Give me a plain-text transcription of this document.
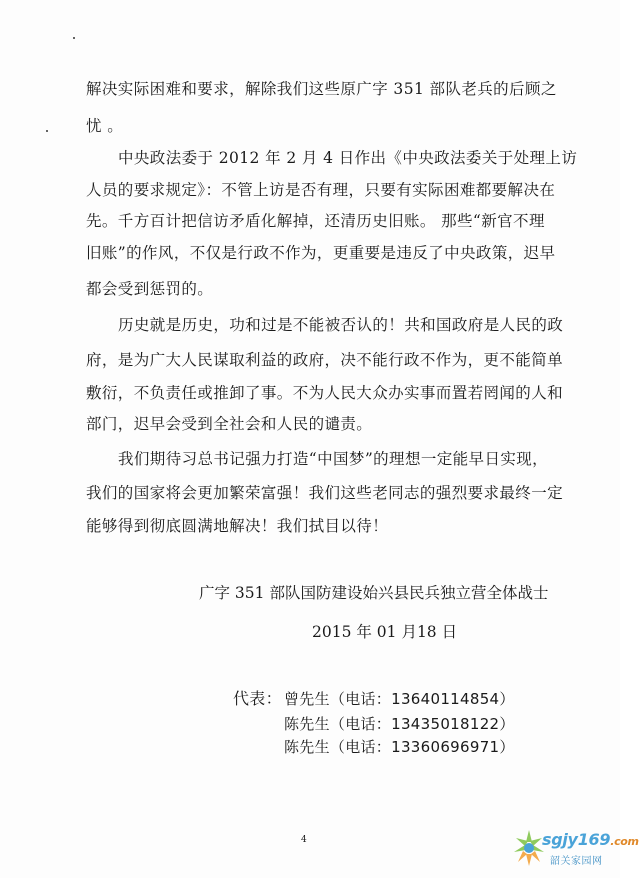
解决实际困难和要求，解除我们这些原广字 351 部队老兵的后顾之
忧 。
中央政法委于 2012 年 2 月 4 日作出《中央政法委关于处理上访
人员的要求规定》：不管上访是否有理，只要有实际困难都要解决在
先。千方百计把信访矛盾化解掉，还清历史旧账。 那些“新官不理
旧账”的作风，不仅是行政不作为，更重要是违反了中央政策，迟早
都会受到惩罚的。
历史就是历史，功和过是不能被否认的！共和国政府是人民的政
府，是为广大人民谋取利益的政府，决不能行政不作为，更不能简单
敷衍，不负责任或推卸了事。不为人民大众办实事而置若罔闻的人和
部门，迟早会受到全社会和人民的谴责。
我们期待习总书记强力打造“中国梦”的理想一定能早日实现，
我们的国家将会更加繁荣富强！我们这些老同志的强烈要求最终一定
能够得到彻底圆满地解决！我们拭目以待！
广字 351 部队国防建设始兴县民兵独立营全体战士
2015 年 01 月18 日
代表： 曾先生（电话：13640114854）
陈先生（电话：13435018122）
陈先生（电话：13360696971）
4	sgjy169.com
韶关家园网
